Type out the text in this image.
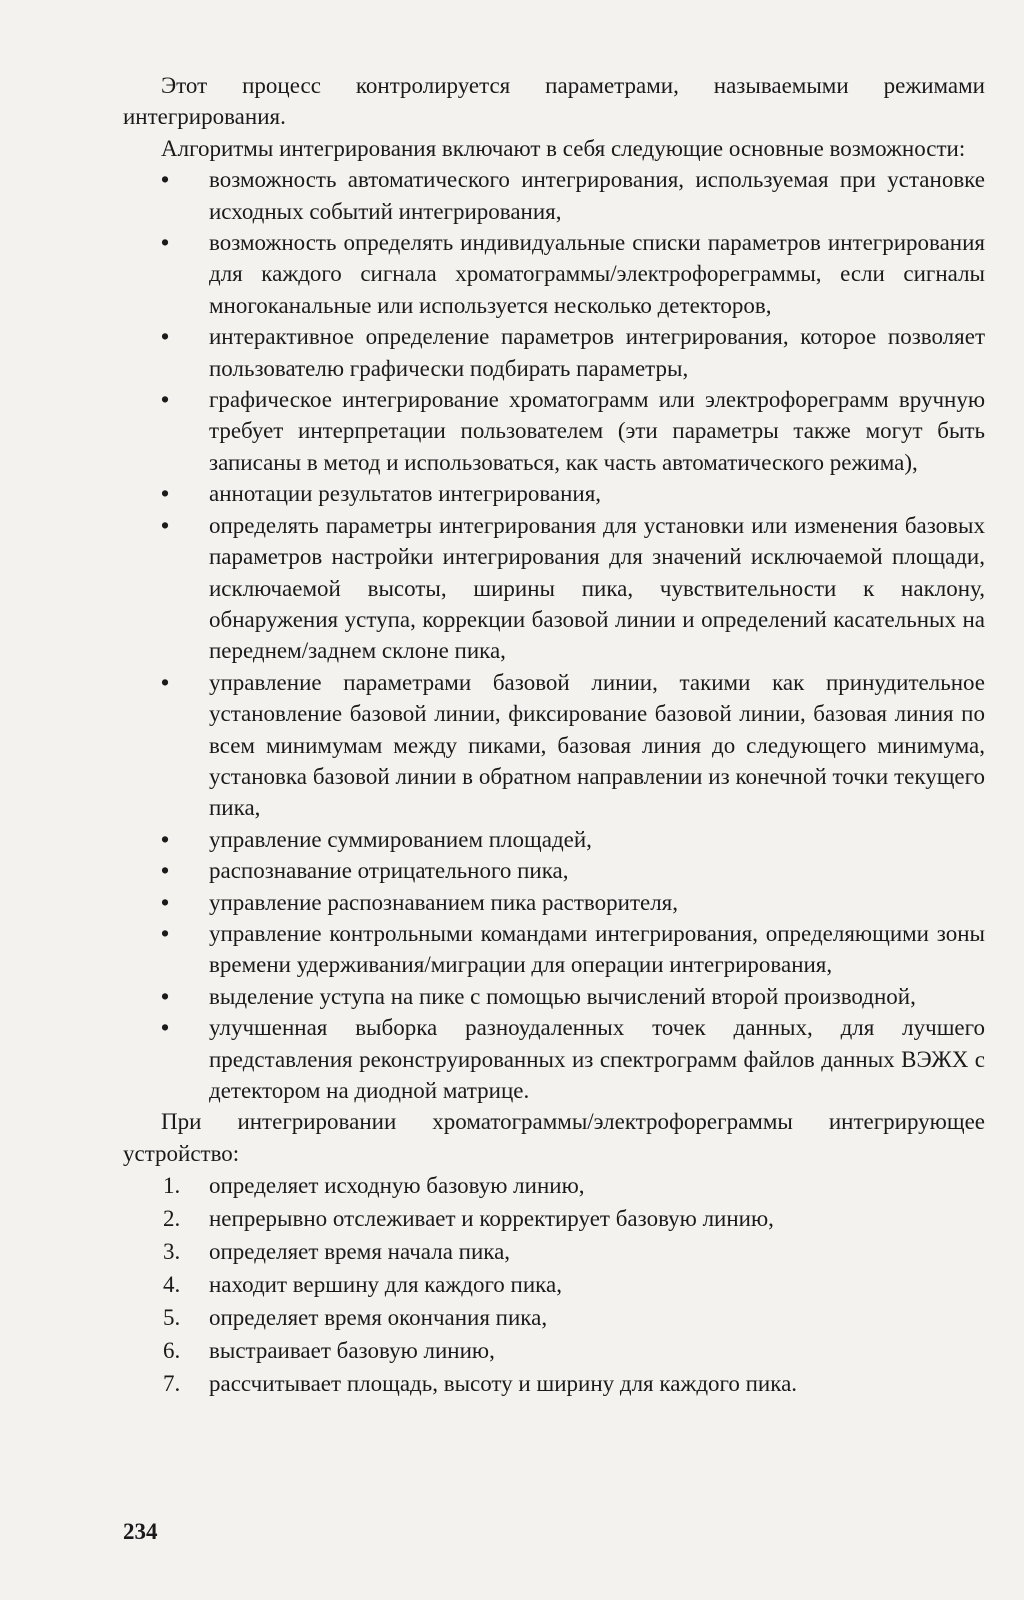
Этот процесс контролируется параметрами, называемыми режимами интегрирования.

Алгоритмы интегрирования включают в себя следующие основные возможности:

• возможность автоматического интегрирования, используемая при установке исходных событий интегрирования,
• возможность определять индивидуальные списки параметров интегрирования для каждого сигнала хроматограммы/электрофореграммы, если сигналы многоканальные или используется несколько детекторов,
• интерактивное определение параметров интегрирования, которое позволяет пользователю графически подбирать параметры,
• графическое интегрирование хроматограмм или электрофореграмм вручную требует интерпретации пользователем (эти параметры также могут быть записаны в метод и использоваться, как часть автоматического режима),
• аннотации результатов интегрирования,
• определять параметры интегрирования для установки или изменения базовых параметров настройки интегрирования для значений исключаемой площади, исключаемой высоты, ширины пика, чувствительности к наклону, обнаружения уступа, коррекции базовой линии и определений касательных на переднем/заднем склоне пика,
• управление параметрами базовой линии, такими как принудительное установление базовой линии, фиксирование базовой линии, базовая линия по всем минимумам между пиками, базовая линия до следующего минимума, установка базовой линии в обратном направлении из конечной точки текущего пика,
• управление суммированием площадей,
• распознавание отрицательного пика,
• управление распознаванием пика растворителя,
• управление контрольными командами интегрирования, определяющими зоны времени удерживания/миграции для операции интегрирования,
• выделение уступа на пике с помощью вычислений второй производной,
• улучшенная выборка разноудаленных точек данных, для лучшего представления реконструированных из спектрограмм файлов данных ВЭЖХ с детектором на диодной матрице.

При интегрировании хроматограммы/электрофореграммы интегрирующее устройство:

1. определяет исходную базовую линию,
2. непрерывно отслеживает и корректирует базовую линию,
3. определяет время начала пика,
4. находит вершину для каждого пика,
5. определяет время окончания пика,
6. выстраивает базовую линию,
7. рассчитывает площадь, высоту и ширину для каждого пика.
234
